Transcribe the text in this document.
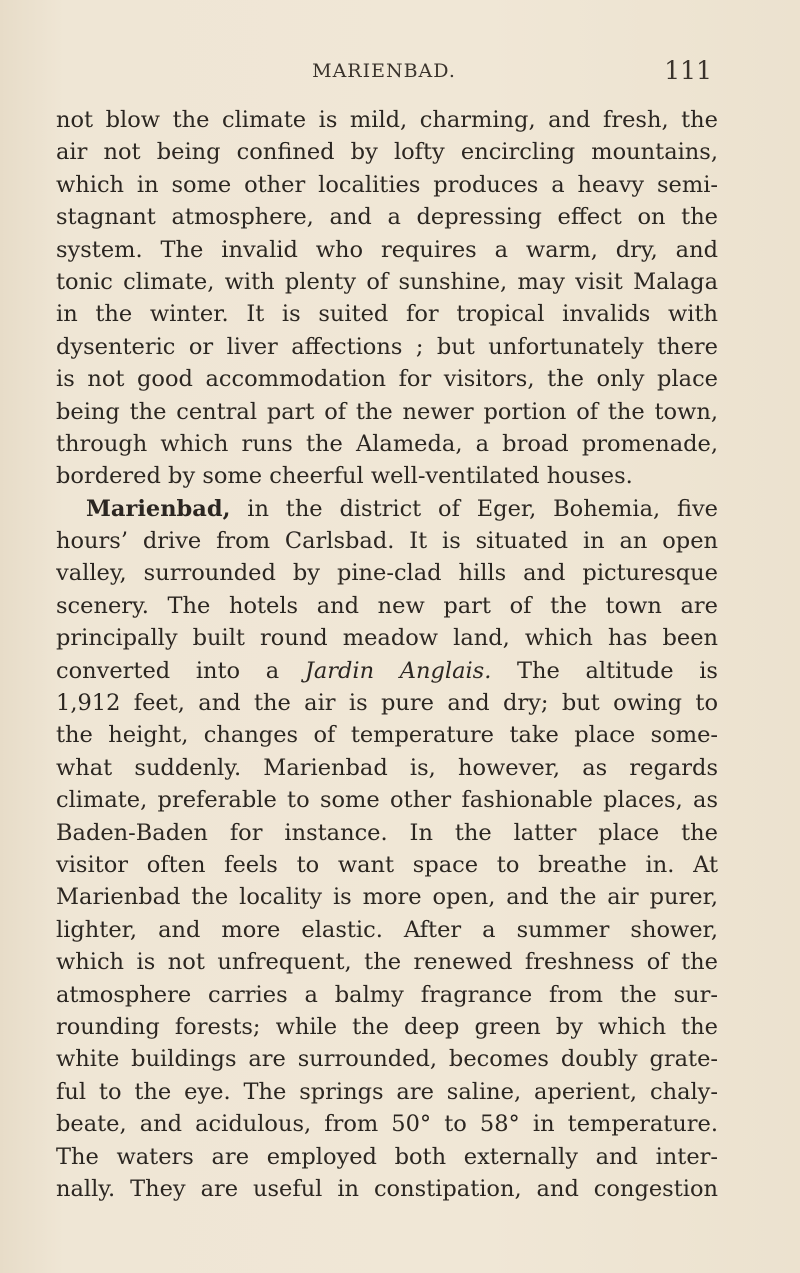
MARIENBAD.	111
not blow the climate is mild, charming, and fresh, the
air not being confined by lofty encircling mountains,
which in some other localities produces a heavy semi-
stagnant atmosphere, and a depressing effect on the
system. The invalid who requires a warm, dry, and
tonic climate, with plenty of sunshine, may visit Malaga
in the winter. It is suited for tropical invalids with
dysenteric or liver affections ; but unfortunately there
is not good accommodation for visitors, the only place
being the central part of the newer portion of the town,
through which runs the Alameda, a broad promenade,
bordered by some cheerful well-ventilated houses.
Marienbad, in the district of Eger, Bohemia, five
hours’ drive from Carlsbad. It is situated in an open
valley, surrounded by pine-clad hills and picturesque
scenery. The hotels and new part of the town are
principally built round meadow land, which has been
converted into a Jardin Anglais. The altitude is
1,912 feet, and the air is pure and dry; but owing to
the height, changes of temperature take place some-
what suddenly. Marienbad is, however, as regards
climate, preferable to some other fashionable places, as
Baden-Baden for instance. In the latter place the
visitor often feels to want space to breathe in. At
Marienbad the locality is more open, and the air purer,
lighter, and more elastic. After a summer shower,
which is not unfrequent, the renewed freshness of the
atmosphere carries a balmy fragrance from the sur-
rounding forests; while the deep green by which the
white buildings are surrounded, becomes doubly grate-
ful to the eye. The springs are saline, aperient, chaly-
beate, and acidulous, from 50° to 58° in temperature.
The waters are employed both externally and inter-
nally. They are useful in constipation, and congestion
